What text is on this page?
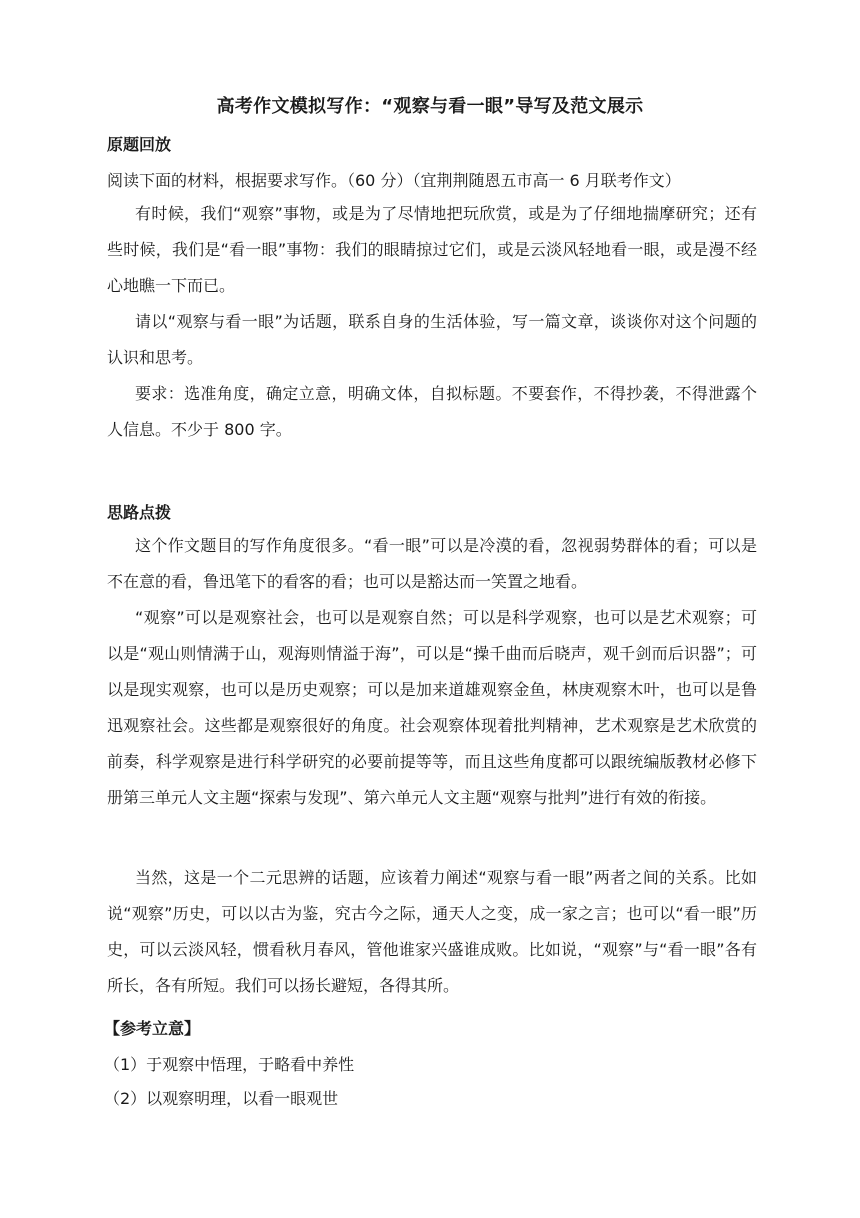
高考作文模拟写作：“观察与看一眼”导写及范文展示
原题回放
阅读下面的材料，根据要求写作。（60 分）（宜荆荆随恩五市高一 6 月联考作文）
有时候，我们“观察”事物，或是为了尽情地把玩欣赏，或是为了仔细地揣摩研究；还有些时候，我们是“看一眼”事物：我们的眼睛掠过它们，或是云淡风轻地看一眼，或是漫不经心地瞧一下而已。
请以“观察与看一眼”为话题，联系自身的生活体验，写一篇文章，谈谈你对这个问题的认识和思考。
要求：选准角度，确定立意，明确文体，自拟标题。不要套作，不得抄袭，不得泄露个人信息。不少于 800 字。
思路点拨
这个作文题目的写作角度很多。“看一眼”可以是冷漠的看，忽视弱势群体的看；可以是不在意的看，鲁迅笔下的看客的看；也可以是豁达而一笑置之地看。
“观察”可以是观察社会，也可以是观察自然；可以是科学观察，也可以是艺术观察；可以是“观山则情满于山，观海则情溢于海”，可以是“操千曲而后晓声，观千剑而后识器”；可以是现实观察，也可以是历史观察；可以是加来道雄观察金鱼，林庚观察木叶，也可以是鲁迅观察社会。这些都是观察很好的角度。社会观察体现着批判精神，艺术观察是艺术欣赏的前奏，科学观察是进行科学研究的必要前提等等，而且这些角度都可以跟统编版教材必修下册第三单元人文主题“探索与发现”、第六单元人文主题“观察与批判”进行有效的衔接。
当然，这是一个二元思辨的话题，应该着力阐述“观察与看一眼”两者之间的关系。比如说“观察”历史，可以以古为鉴，究古今之际，通天人之变，成一家之言；也可以“看一眼”历史，可以云淡风轻，惯看秋月春风，管他谁家兴盛谁成败。比如说，“观察”与“看一眼”各有所长，各有所短。我们可以扬长避短，各得其所。
【参考立意】
（1）于观察中悟理，于略看中养性
（2）以观察明理，以看一眼观世
